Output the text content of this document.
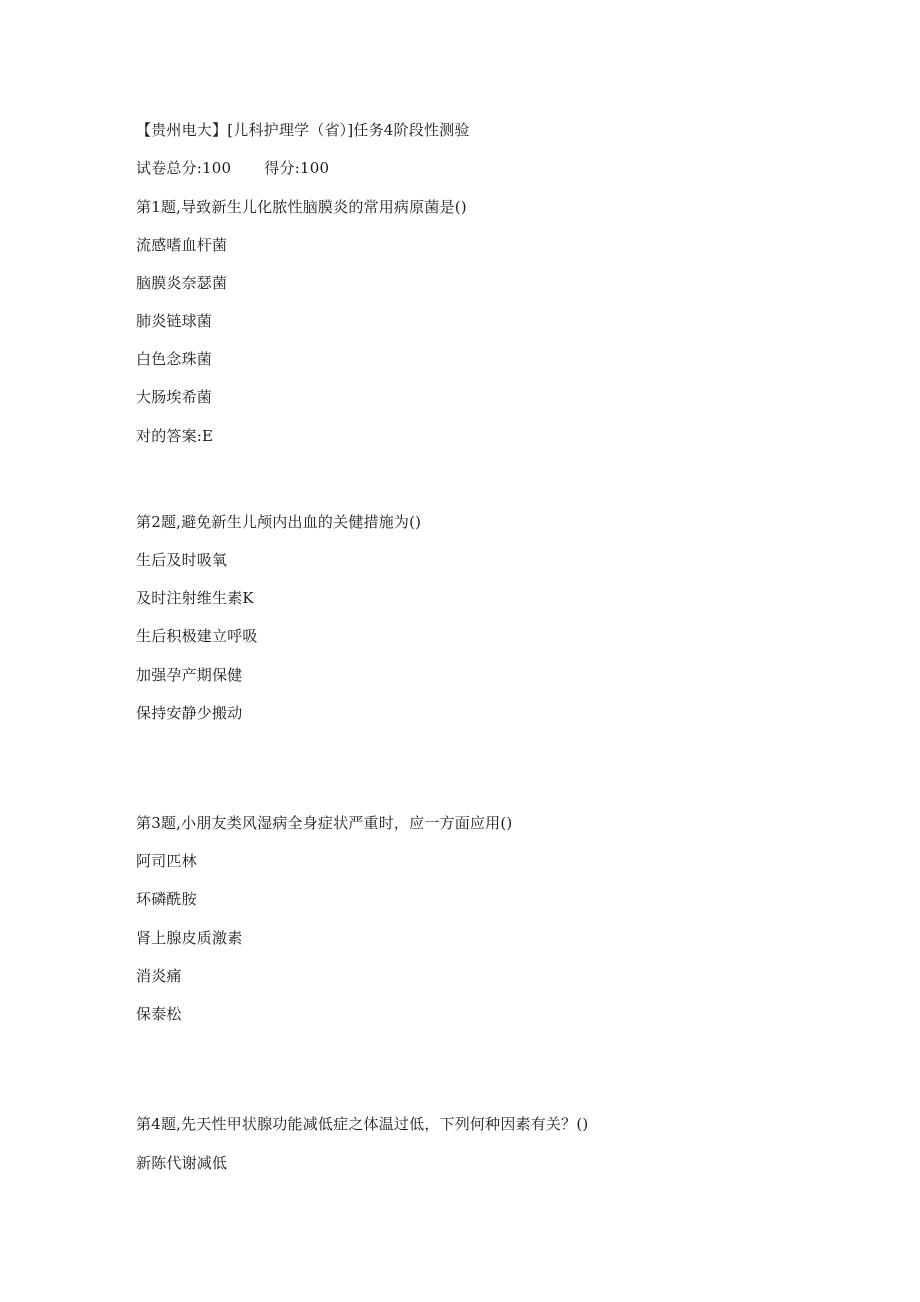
【贵州电大】[儿科护理学（省）]任务4阶段性测验
试卷总分:100 得分:100
第1题,导致新生儿化脓性脑膜炎的常用病原菌是()
流感嗜血杆菌
脑膜炎奈瑟菌
肺炎链球菌
白色念珠菌
大肠埃希菌
对的答案:E
第2题,避免新生儿颅内出血的关健措施为()
生后及时吸氧
及时注射维生素K
生后积极建立呼吸
加强孕产期保健
保持安静少搬动
第3题,小朋友类风湿病全身症状严重时，应一方面应用()
阿司匹林
环磷酰胺
肾上腺皮质激素
消炎痛
保泰松
第4题,先天性甲状腺功能减低症之体温过低，下列何种因素有关？()
新陈代谢减低
